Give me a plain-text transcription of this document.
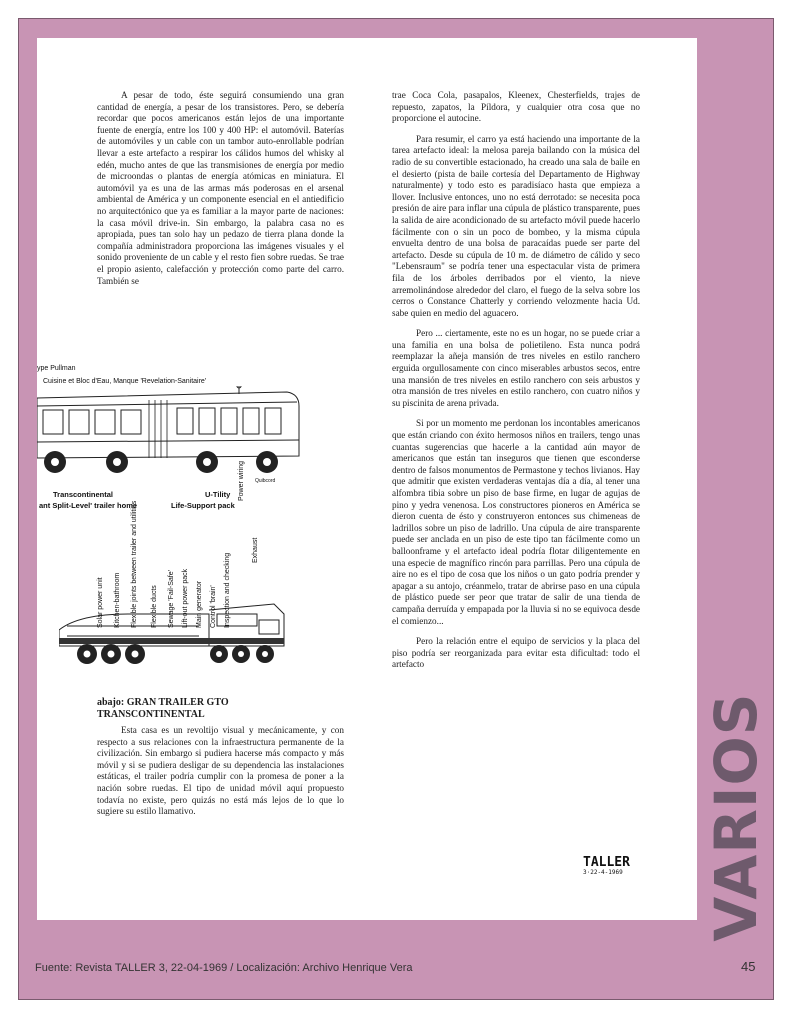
A pesar de todo, éste seguirá consumiendo una gran cantidad de energía, a pesar de los transistores. Pero, se debería recordar que pocos americanos están lejos de una importante fuente de energía, entre los 100 y 400 HP: el automóvil. Baterías de automóviles y un cable con un tambor auto-enrollable podrían llevar a este artefacto a respirar los cálidos humos del whisky al edén, mucho antes de que las transmisiones de energía por medio de microondas o plantas de energía atómicas en miniatura. El automóvil ya es una de las armas más poderosas en el arsenal ambiental de América y un componente esencial en el antiedificio no arquitectónico que ya es familiar a la mayor parte de naciones: la casa móvil drive-in. Sin embargo, la palabra casa no es apropiada, pues tan solo hay un pedazo de tierra plana donde la compañía administradora proporciona las imágenes visuales y el sonido proveniente de un cable y el resto fien sobre ruedas. Se trae el propio asiento, calefacción y protección como parte del carro. También se

ype Pullman
Cuisine et Bloc d'Eau, Manque 'Revelation-Sanitaire'
Quibcord
Transcontinental
ant Split-Level' trailer home
U-Tility
Life-Support pack
Solar power unit Kitchen-bathroom Flexible joints between trailer and utilities Flexible ducts Sewage 'Fail-Safe' Lift-out power pack Main generator Control 'brain' Inspection and checking
Power wiring
Exhaust
abajo: GRAN TRAILER GTO
TRANSCONTINENTAL

Esta casa es un revoltijo visual y mecánicamente, y con respecto a sus relaciones con la infraestructura permanente de la civilización. Sin embargo si pudiera hacerse más compacto y más móvil y si se pudiera desligar de su dependencia las instalaciones estáticas, el trailer podría cumplir con la promesa de poner a la nación sobre ruedas. El tipo de unidad móvil aquí propuesto todavía no existe, pero quizás no está más lejos de lo que lo sugiere su estilo llamativo.

trae Coca Cola, pasapalos, Kleenex, Chesterfields, trajes de repuesto, zapatos, la Píldora, y cualquier otra cosa que no proporcione el autocine.

Para resumir, el carro ya está haciendo una importante de la tarea artefacto ideal: la melosa pareja bailando con la música del radio de su convertible estacionado, ha creado una sala de baile en el desierto (pista de baile cortesía del Departamento de Highway naturalmente) y todo esto es paradisíaco hasta que empieza a llover. Inclusive entonces, uno no está derrotado: se necesita poca presión de aire para inflar una cúpula de plástico transparente, pues la salida de aire acondicionado de su artefacto móvil puede hacerlo fácilmente con o sin un poco de bombeo, y la misma cúpula envuelta dentro de una bolsa de paracaídas puede ser parte del artefacto. Desde su cúpula de 10 m. de diámetro de cálido y seco "Lebensraum" se podría tener una espectacular vista de primera fila de los árboles derribados por el viento, la nieve arremolinándose alrededor del claro, el fuego de la selva sobre los cerros o Constance Chatterly y corriendo velozmente hacia Ud. sabe quien en medio del aguacero.

Pero ... ciertamente, este no es un hogar, no se puede criar a una familia en una bolsa de polietileno. Esta nunca podrá reemplazar la añeja mansión de tres niveles en estilo ranchero erguida orgullosamente con cinco miserables arbustos secos, entre una mansión de tres niveles en estilo ranchero con seis arbustos y otra mansión de tres niveles en estilo ranchero, con cuatro niños y su piscinita de arena privada.

Si por un momento me perdonan los incontables americanos que están criando con éxito hermosos niños en trailers, tengo unas cuantas sugerencias que hacerle a la cantidad aún mayor de americanos que están tan inseguros que tienen que esconderse dentro de falsos monumentos de Permastone y techos livianos. Hay que admitir que existen verdaderas ventajas día a día, al tener una alfombra tibia sobre un piso de base firme, en lugar de agujas de pino y yedra venenosa. Los constructores pioneros en América se dieron cuenta de ésto y construyeron entonces sus chimeneas de ladrillos sobre un piso de ladrillo. Una cúpula de aire transparente puede ser anclada en un piso de este tipo tan fácilmente como un balloonframe y el artefacto ideal podría flotar diligentemente en una especie de magnífico rincón para parrillas. Pero una cúpula de aire no es el tipo de cosa que los niños o un gato podría prender y apagar a su antojo, créanmelo, tratar de abrirse paso en una cúpula de plástico puede ser peor que tratar de salir de una tienda de campaña derruída y empapada por la lluvia si no se equivoca desde el comienzo...

Pero la relación entre el equipo de servicios y la placa del piso podría ser reorganizada para evitar esta dificultad: todo el artefacto

TALLER
3·22-4-1969 VARIOS
Fuente: Revista TALLER 3, 22-04-1969 / Localización: Archivo Henrique Vera	45
